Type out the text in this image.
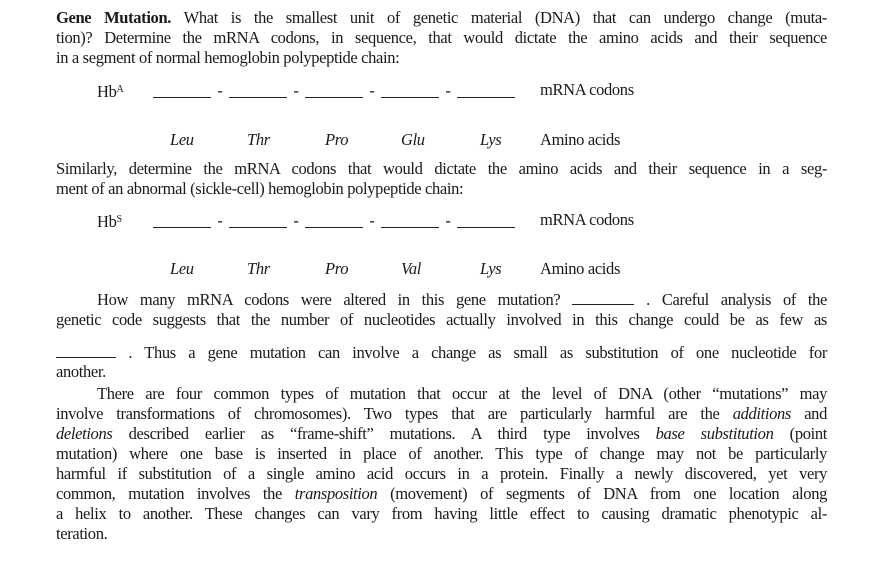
Gene Mutation. What is the smallest unit of genetic material (DNA) that can undergo change (muta-
tion)? Determine the mRNA codons, in sequence, that would dictate the amino acids and their sequence
in a segment of normal hemoglobin polypeptide chain:
$Hb^A$	-	-	-	-	mRNA codons
Leu	Thr	Pro	Glu	Lys Amino acids
Similarly, determine the mRNA codons that would dictate the amino acids and their sequence in a seg-
ment of an abnormal (sickle-cell) hemoglobin polypeptide chain:
$Hb^S$	-	-	-	-	mRNA codons
Leu	Thr	Pro	Val	Lys Amino acids
How many mRNA codons were altered in this gene mutation?	. Careful analysis of the
genetic code suggests that the number of nucleotides actually involved in this change could be as few as
. Thus a gene mutation can involve a change as small as substitution of one nucleotide for
another.
There are four common types of mutation that occur at the level of DNA (other “mutations” may
involve transformations of chromosomes). Two types that are particularly harmful are the additions and
deletions described earlier as “frame-shift” mutations. A third type involves base substitution (point
mutation) where one base is inserted in place of another. This type of change may not be particularly
harmful if substitution of a single amino acid occurs in a protein. Finally a newly discovered, yet very
common, mutation involves the transposition (movement) of segments of DNA from one location along
a helix to another. These changes can vary from having little effect to causing dramatic phenotypic al-
teration.
